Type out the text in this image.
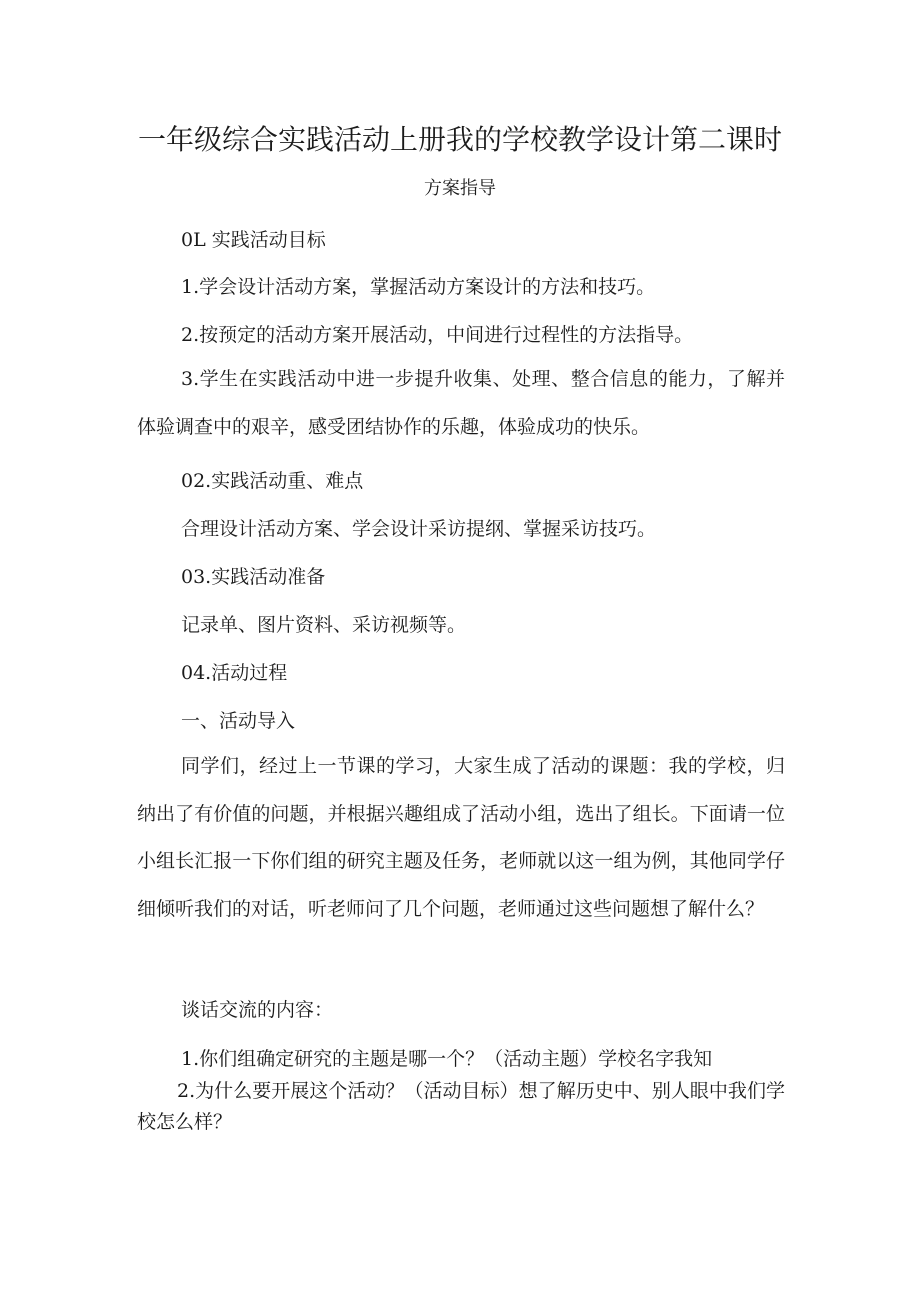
一年级综合实践活动上册我的学校教学设计第二课时
方案指导
0L 实践活动目标
1.学会设计活动方案，掌握活动方案设计的方法和技巧。
2.按预定的活动方案开展活动，中间进行过程性的方法指导。
3.学生在实践活动中进一步提升收集、处理、整合信息的能力，了解并体验调查中的艰辛，感受团结协作的乐趣，体验成功的快乐。
02.实践活动重、难点
合理设计活动方案、学会设计采访提纲、掌握采访技巧。
03.实践活动准备
记录单、图片资料、采访视频等。
04.活动过程
一、活动导入
同学们，经过上一节课的学习，大家生成了活动的课题：我的学校，归纳出了有价值的问题，并根据兴趣组成了活动小组，选出了组长。下面请一位小组长汇报一下你们组的研究主题及任务，老师就以这一组为例，其他同学仔细倾听我们的对话，听老师问了几个问题，老师通过这些问题想了解什么？
谈话交流的内容：
1.你们组确定研究的主题是哪一个？（活动主题）学校名字我知
2.为什么要开展这个活动？（活动目标）想了解历史中、别人眼中我们学校怎么样？
